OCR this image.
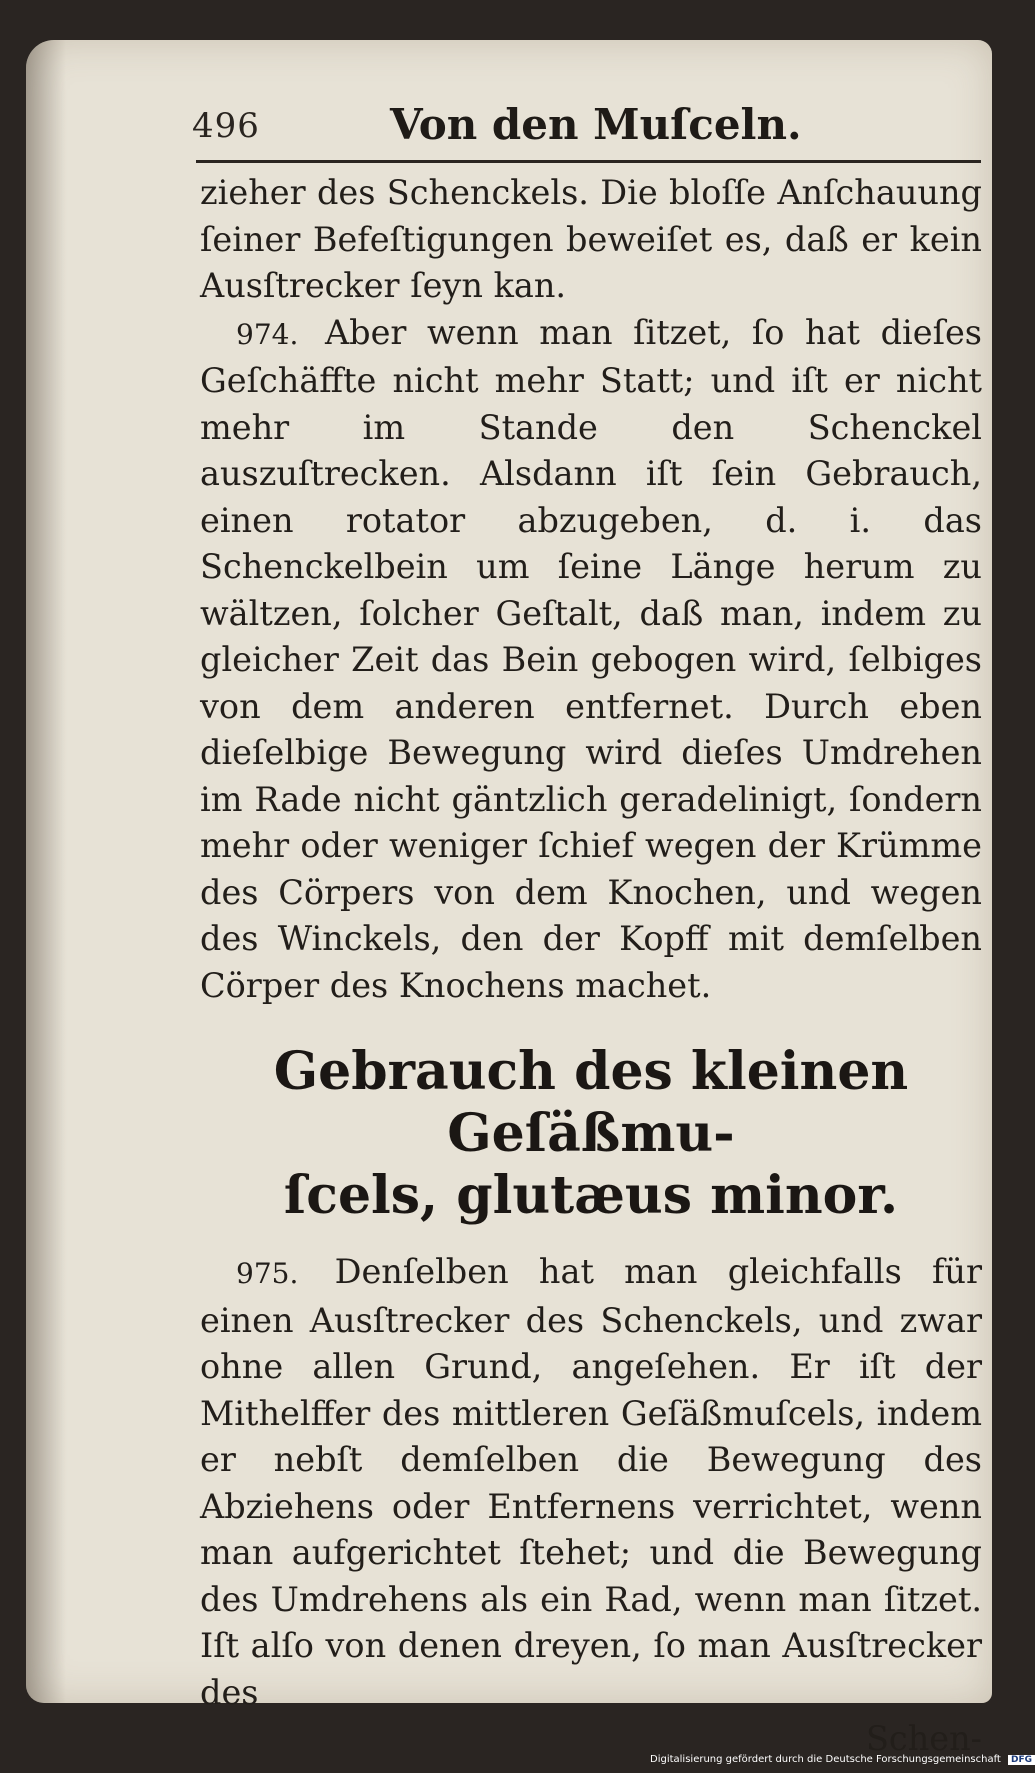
496	Von den Muſceln.

zieher des Schenckels. Die bloſſe Anſchauung ſeiner Befeſtigungen beweiſet es, daß er kein Ausſtrecker ſeyn kan.

974. Aber wenn man ſitzet, ſo hat dieſes Geſchäffte nicht mehr Statt; und iſt er nicht mehr im Stande den Schenckel auszuſtrecken. Alsdann iſt ſein Gebrauch, einen rotator abzugeben, d. i. das Schenckelbein um ſeine Länge herum zu wältzen, ſolcher Geſtalt, daß man, indem zu gleicher Zeit das Bein gebogen wird, ſelbiges von dem anderen entfernet. Durch eben dieſelbige Bewegung wird dieſes Umdrehen im Rade nicht gäntzlich geradelinigt, ſondern mehr oder weniger ſchief wegen der Krümme des Cörpers von dem Knochen, und wegen des Winckels, den der Kopff mit demſelben Cörper des Knochens machet.

Gebrauch des kleinen Geſäßmu-
ſcels, glutæus minor.

975. Denſelben hat man gleichfalls für einen Ausſtrecker des Schenckels, und zwar ohne allen Grund, angeſehen. Er iſt der Mithelffer des mittleren Geſäßmuſcels, indem er nebſt demſelben die Bewegung des Abziehens oder Entfernens verrichtet, wenn man aufgerichtet ſtehet; und die Bewegung des Umdrehens als ein Rad, wenn man ſitzet. Iſt alſo von denen dreyen, ſo man Ausſtrecker des

Schen-
Digitalisierung gefördert durch die Deutsche Forschungsgemeinschaft DFG
